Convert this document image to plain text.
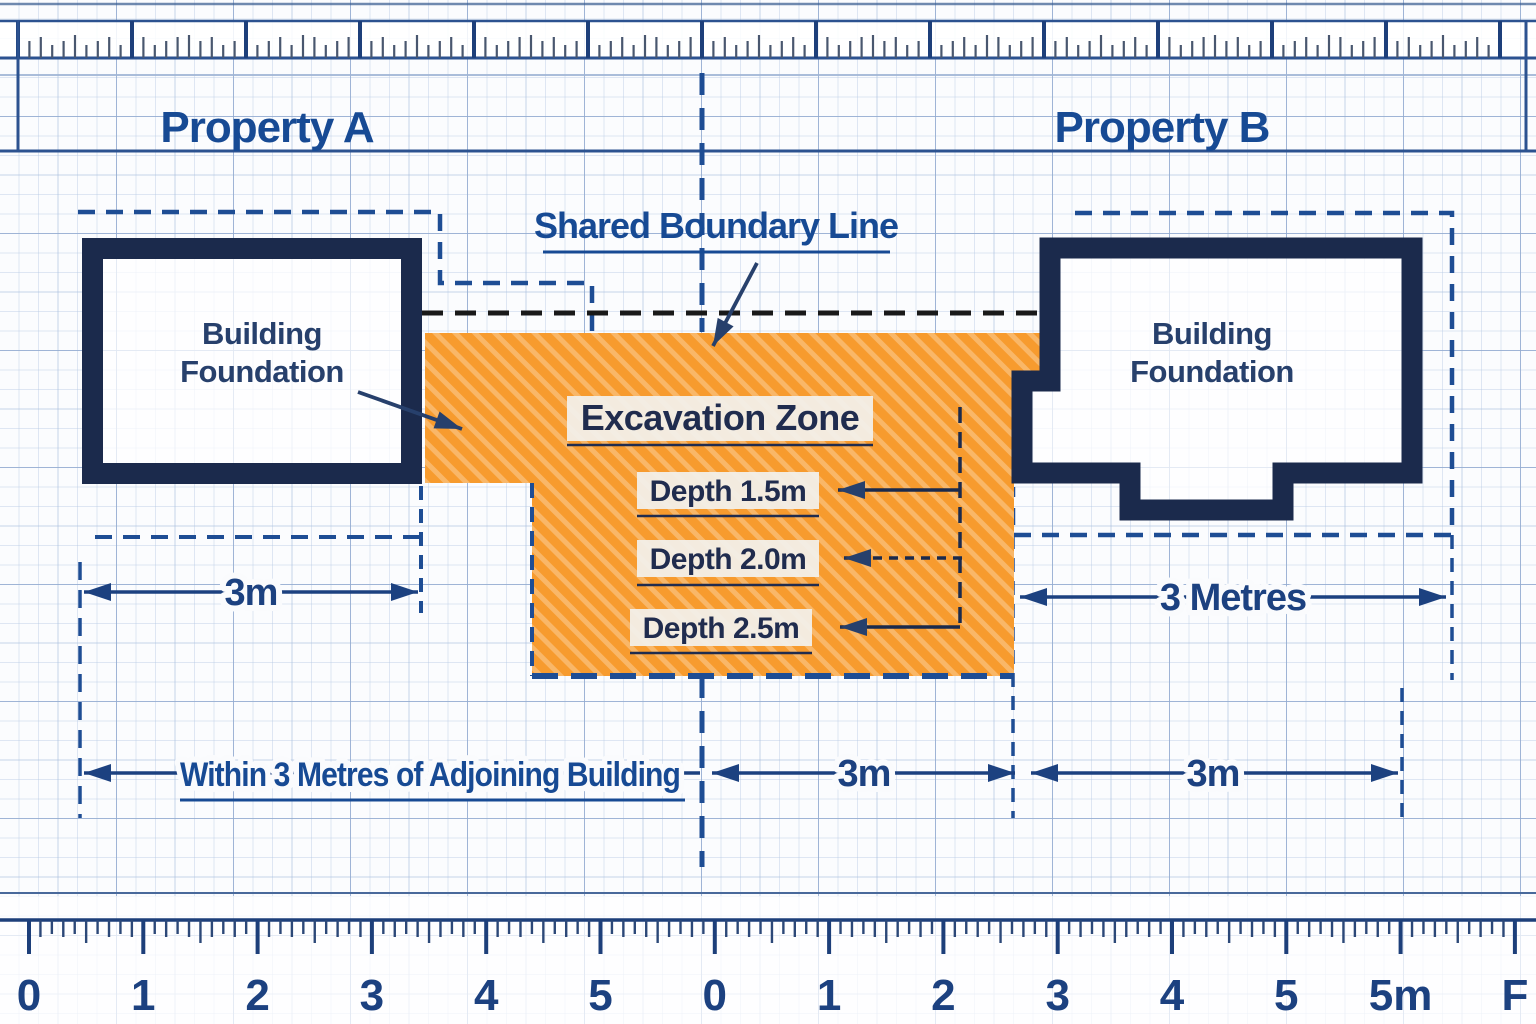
Property A	Property B
Building
Foundation
Building
Foundation
Shared Boundary Line
Excavation Zone
Depth 1.5m
Depth 2.0m
Depth 2.5m
3m	3 Metres
Within 3 Metres of Adjoining Building	3m	3m
0 1 2 3 4 5 0 1 2 3 4 5 5m F
